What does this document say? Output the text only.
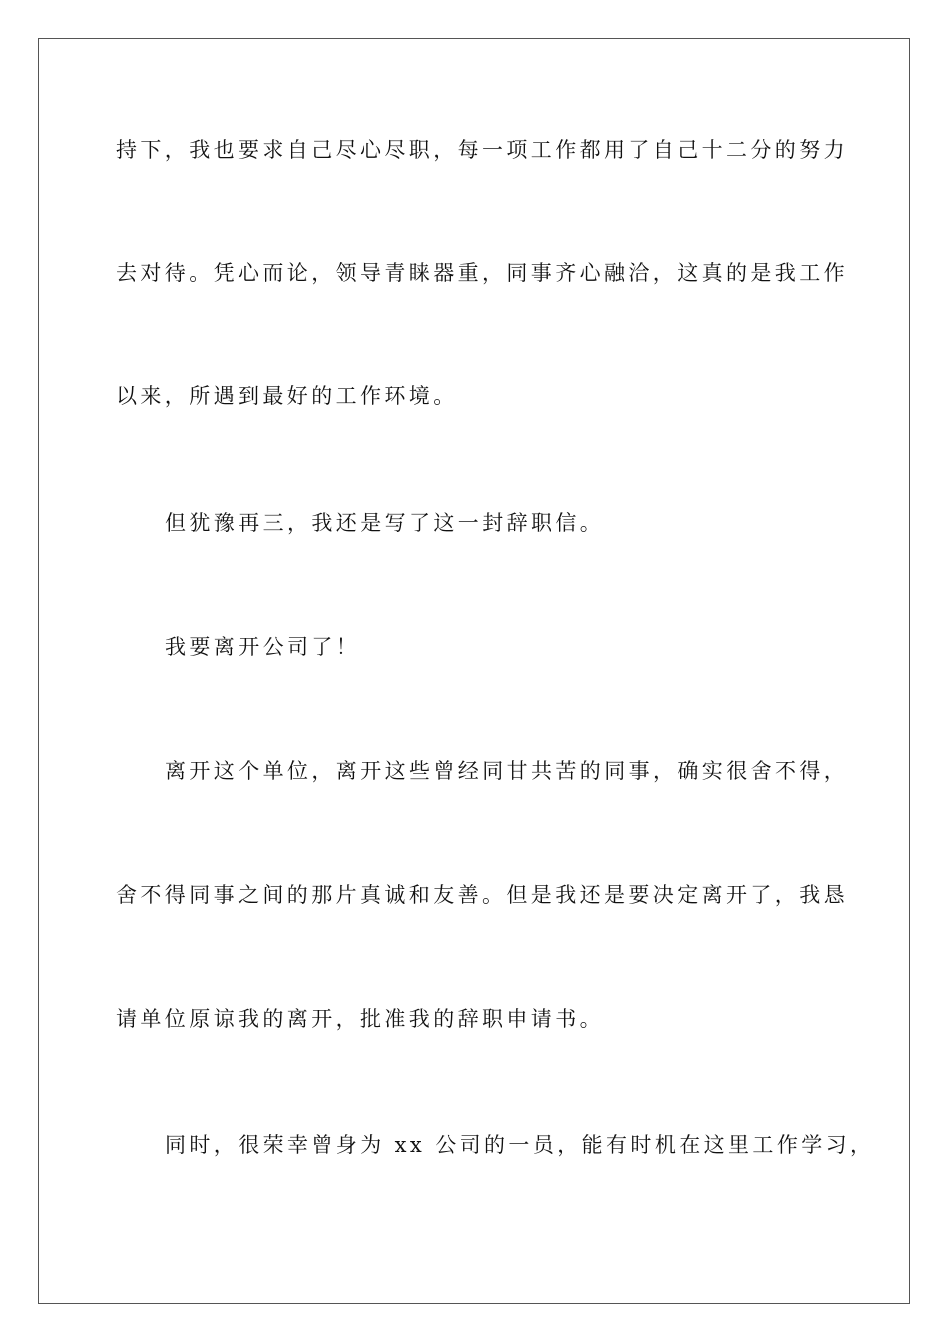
持下，我也要求自己尽心尽职，每一项工作都用了自己十二分的努力
去对待。凭心而论，领导青睐器重，同事齐心融洽，这真的是我工作
以来，所遇到最好的工作环境。
但犹豫再三，我还是写了这一封辞职信。
我要离开公司了！
离开这个单位，离开这些曾经同甘共苦的同事，确实很舍不得，
舍不得同事之间的那片真诚和友善。但是我还是要决定离开了，我恳
请单位原谅我的离开，批准我的辞职申请书。
同时，很荣幸曾身为 xx 公司的一员，能有时机在这里工作学习，
